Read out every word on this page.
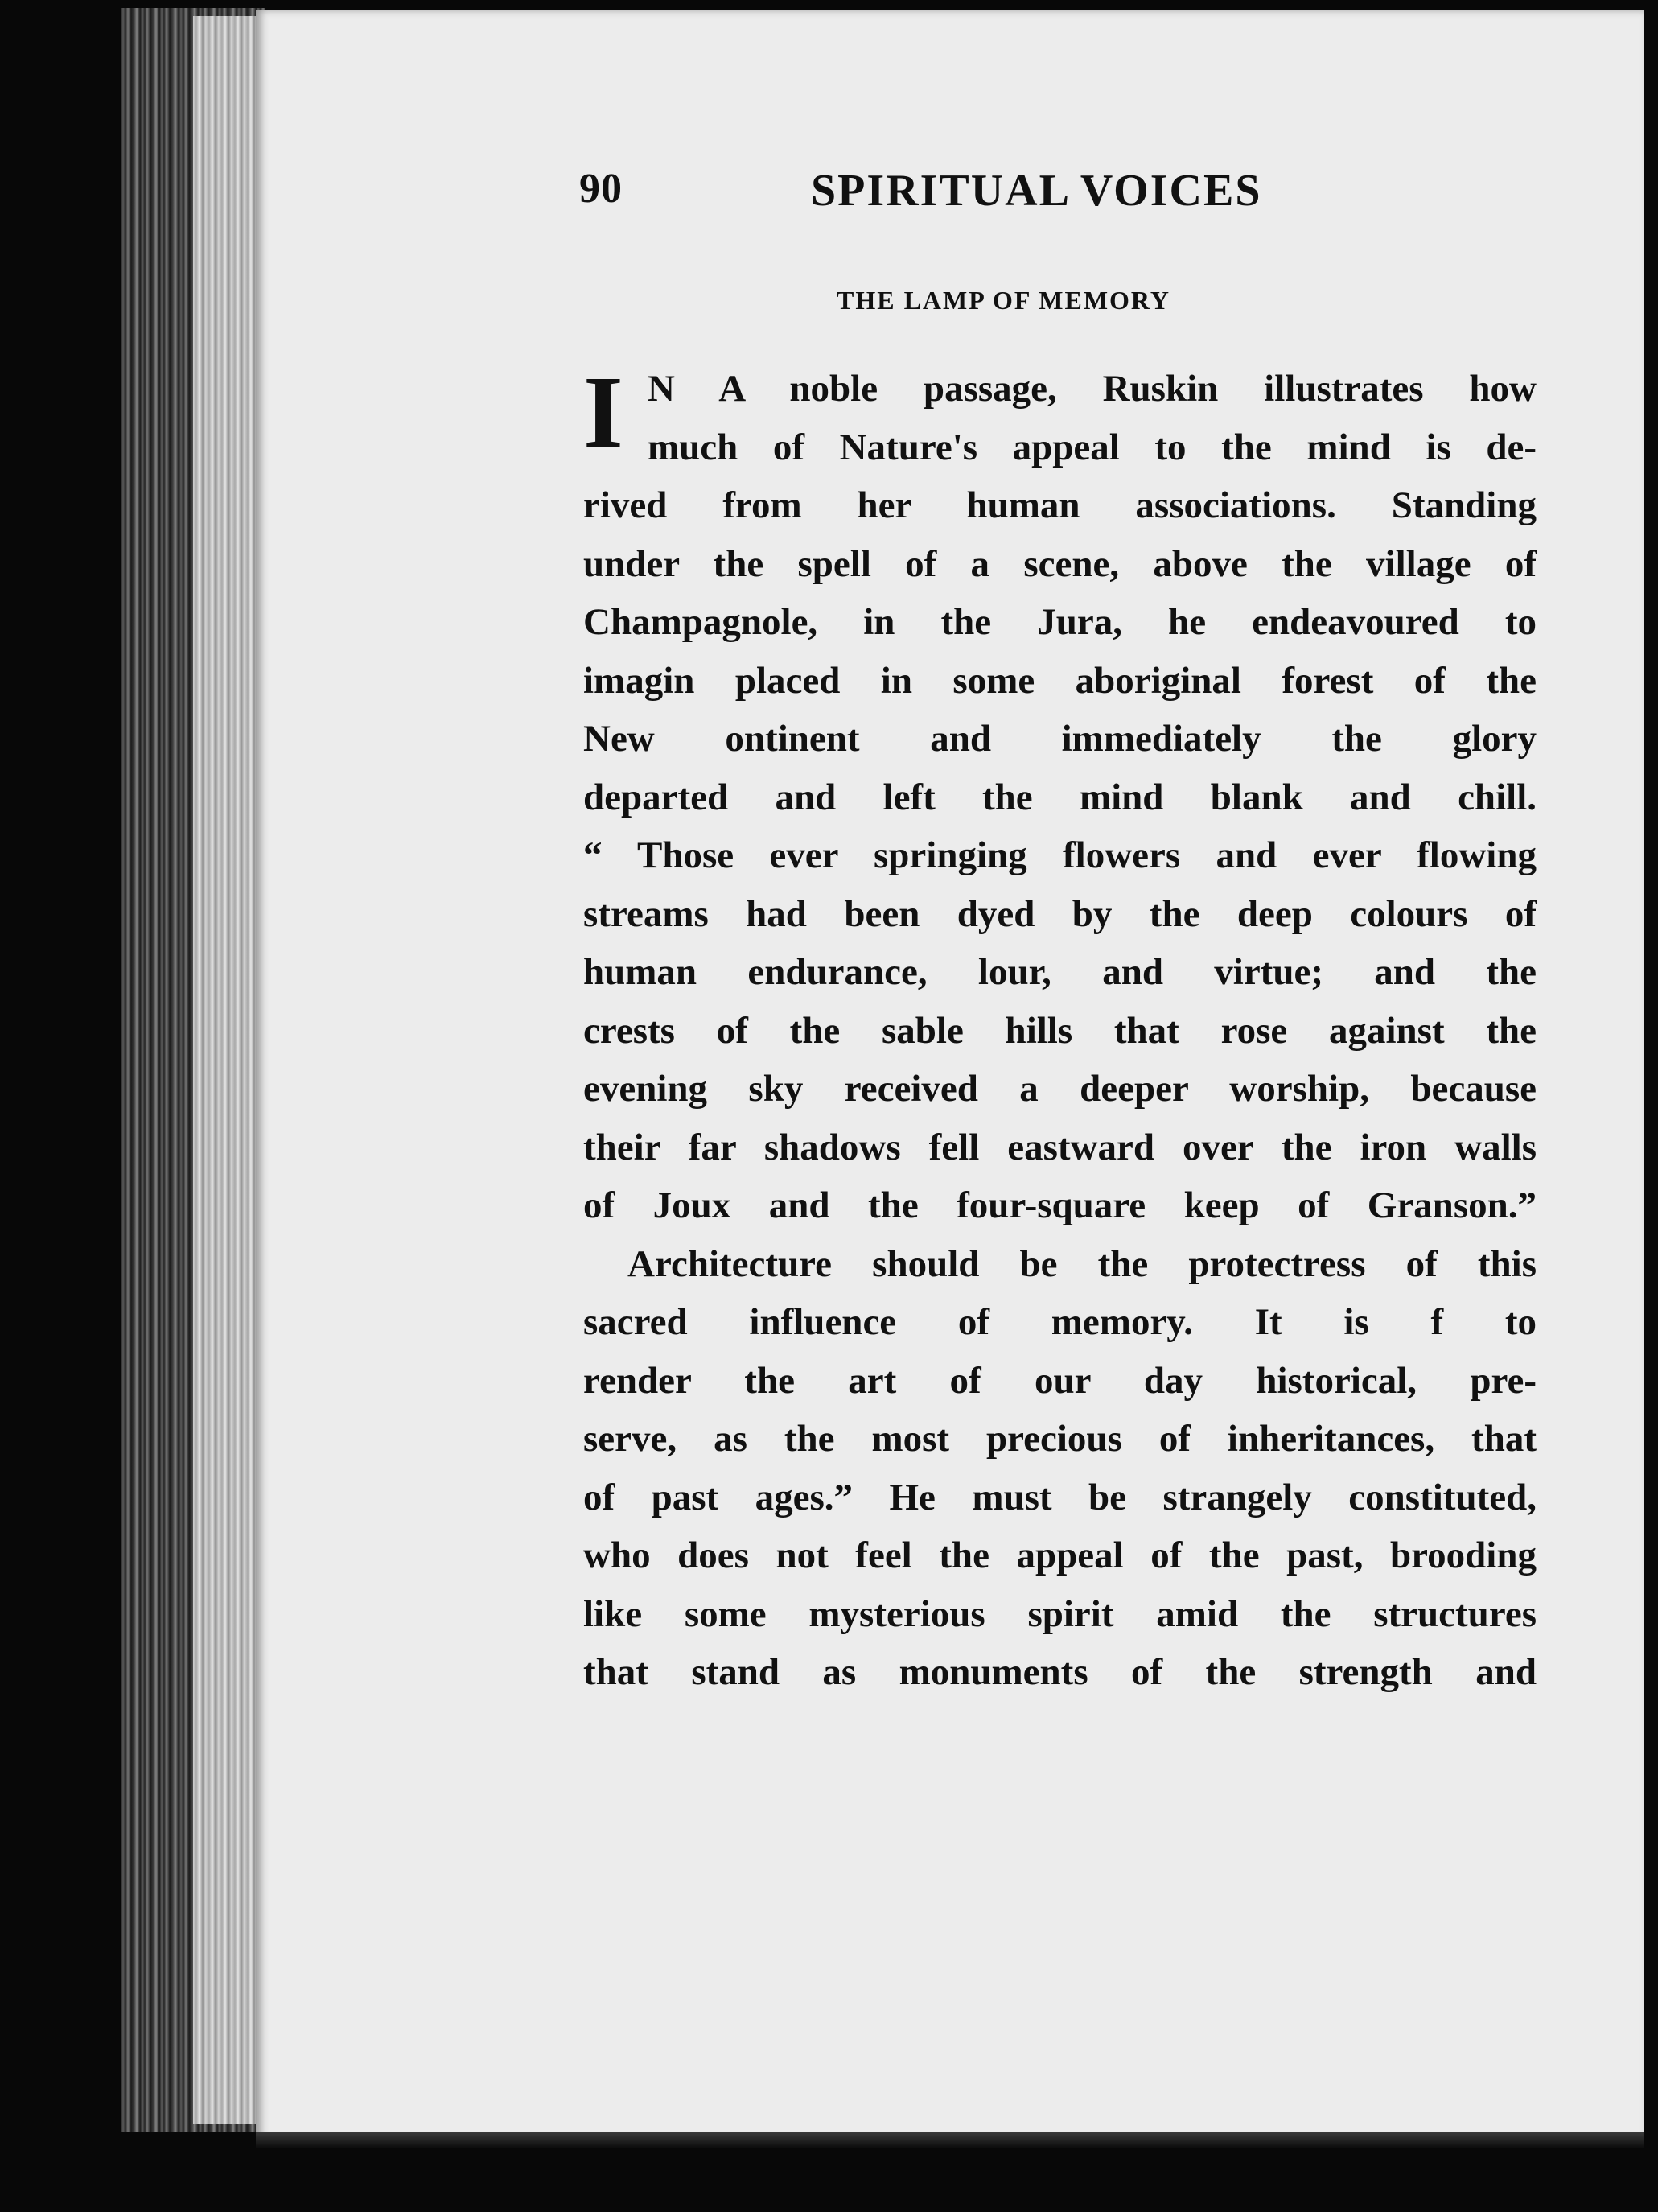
90	SPIRITUAL VOICES
THE LAMP OF MEMORY
I N A noble passage, Ruskin illustrates how
much of Nature's appeal to the mind is de-
rived from her human associations. Standing
under the spell of a scene, above the village of
Champagnole, in the Jura, he endeavoured to
imagin placed in some aboriginal forest of the
New ontinent and immediately the glory
departed and left the mind blank and chill.
“ Those ever springing flowers and ever flowing
streams had been dyed by the deep colours of
human endurance, lour, and virtue; and the
crests of the sable hills that rose against the
evening sky received a deeper worship, because
their far shadows fell eastward over the iron walls
of Joux and the four-square keep of Granson.”
Architecture should be the protectress of this
sacred influence of memory. It is f to
render the art of our day historical, pre-
serve, as the most precious of inheritances, that
of past ages.” He must be strangely constituted,
who does not feel the appeal of the past, brooding
like some mysterious spirit amid the structures
that stand as monuments of the strength and
